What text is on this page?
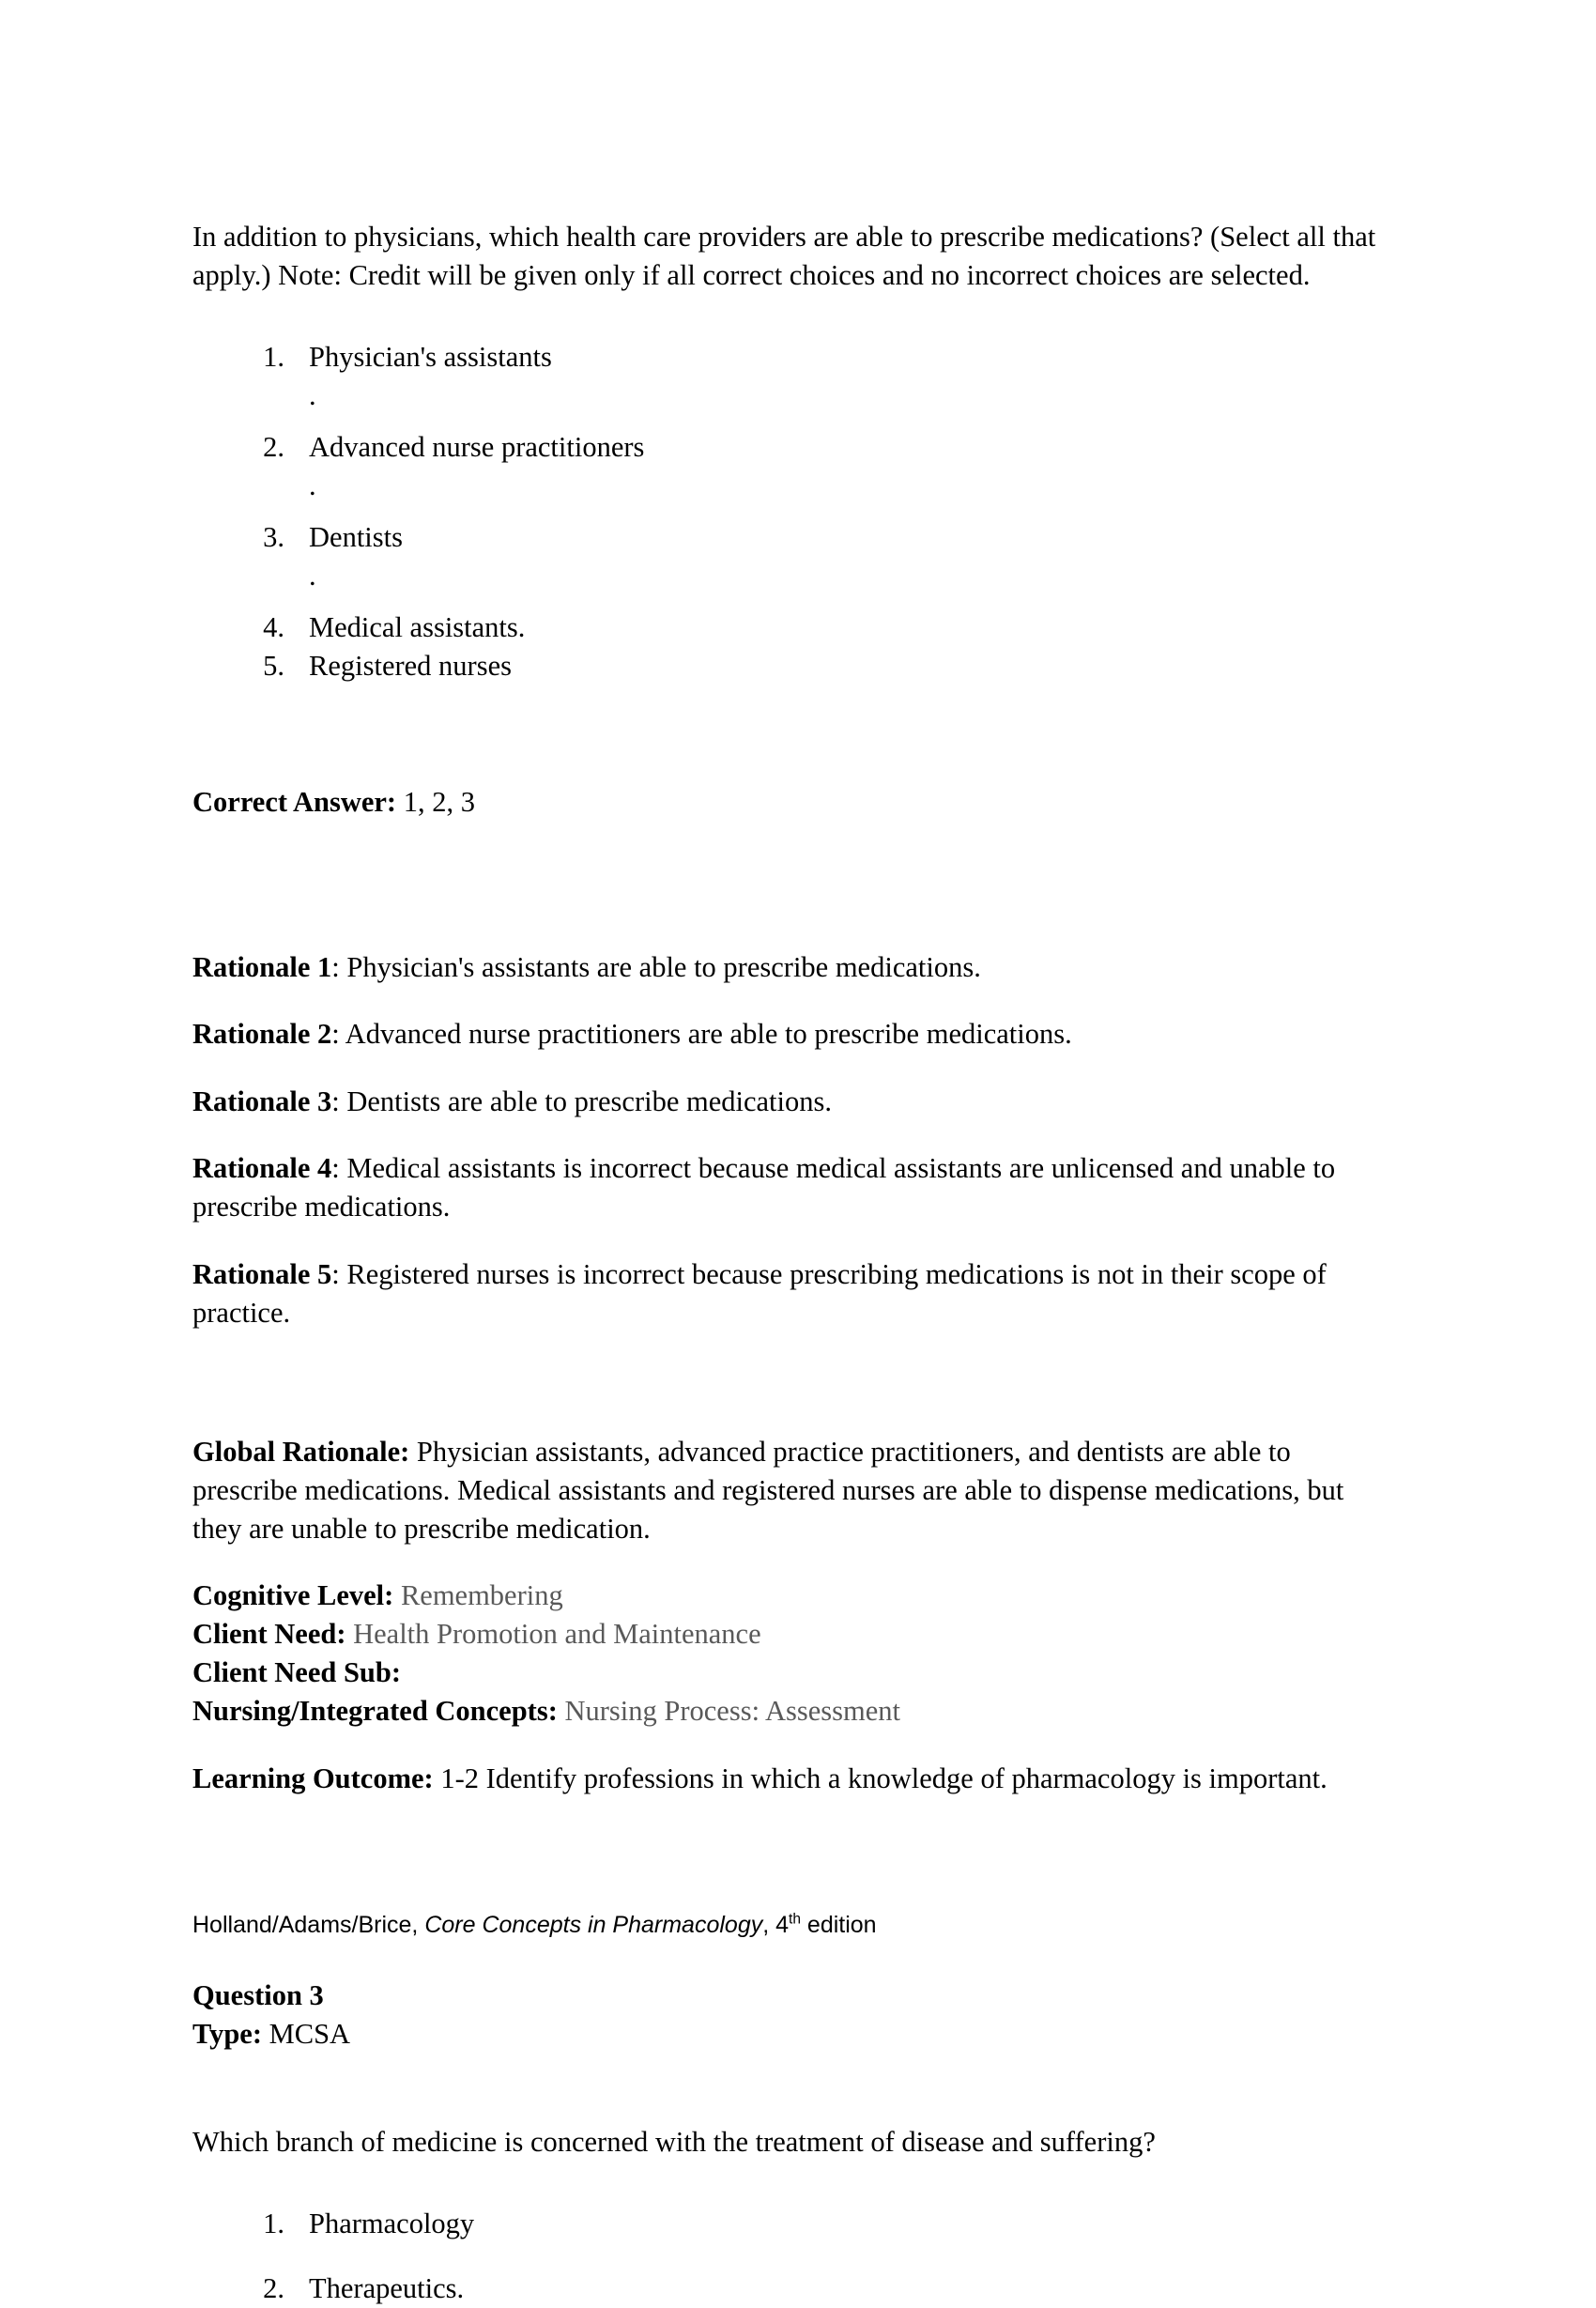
In addition to physicians, which health care providers are able to prescribe medications? (Select all that apply.) Note: Credit will be given only if all correct choices and no incorrect choices are selected.

1. Physician's assistants
.
2. Advanced nurse practitioners
.
3. Dentists
.
4. Medical assistants.
5. Registered nurses
Correct Answer: 1, 2, 3

Rationale 1: Physician's assistants are able to prescribe medications.

Rationale 2: Advanced nurse practitioners are able to prescribe medications.

Rationale 3: Dentists are able to prescribe medications.

Rationale 4: Medical assistants is incorrect because medical assistants are unlicensed and unable to prescribe medications.

Rationale 5: Registered nurses is incorrect because prescribing medications is not in their scope of practice.

Global Rationale: Physician assistants, advanced practice practitioners, and dentists are able to prescribe medications. Medical assistants and registered nurses are able to dispense medications, but they are unable to prescribe medication.

Cognitive Level: Remembering
Client Need: Health Promotion and Maintenance
Client Need Sub:
Nursing/Integrated Concepts: Nursing Process: Assessment

Learning Outcome: 1-2 Identify professions in which a knowledge of pharmacology is important.

Question 3
Type: MCSA

Which branch of medicine is concerned with the treatment of disease and suffering?

1. Pharmacology
2. Therapeutics.
Holland/Adams/Brice, Core Concepts in Pharmacology, 4th edition
